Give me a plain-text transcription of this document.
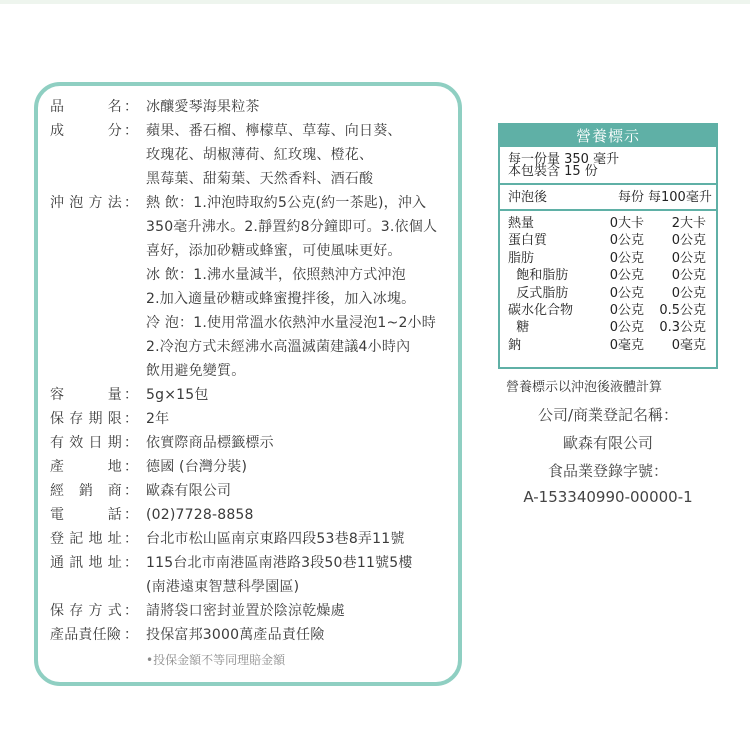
品	名 ： 冰釀愛琴海果粒茶
成	分 ： 蘋果、番石榴、檸檬草、草莓、向日葵、
玫瑰花、胡椒薄荷、紅玫瑰、橙花、
黑莓葉、甜菊葉、天然香料、酒石酸
沖 泡 方 法 ： 熱 飲：1.沖泡時取約5公克(約一茶匙)，沖入
350毫升沸水。2.靜置約8分鐘即可。3.依個人
喜好，添加砂糖或蜂蜜，可使風味更好。
冰 飲：1.沸水量減半，依照熱沖方式沖泡
2.加入適量砂糖或蜂蜜攪拌後，加入冰塊。
冷 泡：1.使用常溫水依熱沖水量浸泡1~2小時
2.冷泡方式未經沸水高溫滅菌建議4小時內
飲用避免變質。
容	量 ： 5g×15包
保 存 期 限 ： 2年
有 效 日 期 ： 依實際商品標籤標示
產	地 ： 德國 (台灣分裝)
經 銷 商 ： 歐森有限公司
電	話 ： (02)7728-8858
登 記 地 址 ： 台北市松山區南京東路四段53巷8弄11號
通 訊 地 址 ： 115台北市南港區南港路3段50巷11號5樓
(南港遠東智慧科學園區)
保 存 方 式 ： 請將袋口密封並置於陰涼乾燥處
產品責任險 ： 投保富邦3000萬產品責任險
•投保金額不等同理賠金額
營養標示
每一份量 350 毫升
本包裝含 15 份
沖泡後	每份 每100毫升
熱量	0大卡	2大卡
蛋白質	0公克	0公克
脂肪	0公克	0公克
飽和脂肪	0公克	0公克
反式脂肪	0公克	0公克
碳水化合物	0公克	0.5公克
糖	0公克	0.3公克
鈉	0毫克	0毫克
營養標示以沖泡後液體計算
公司/商業登記名稱：
歐森有限公司
食品業登錄字號：
A-153340990-00000-1
